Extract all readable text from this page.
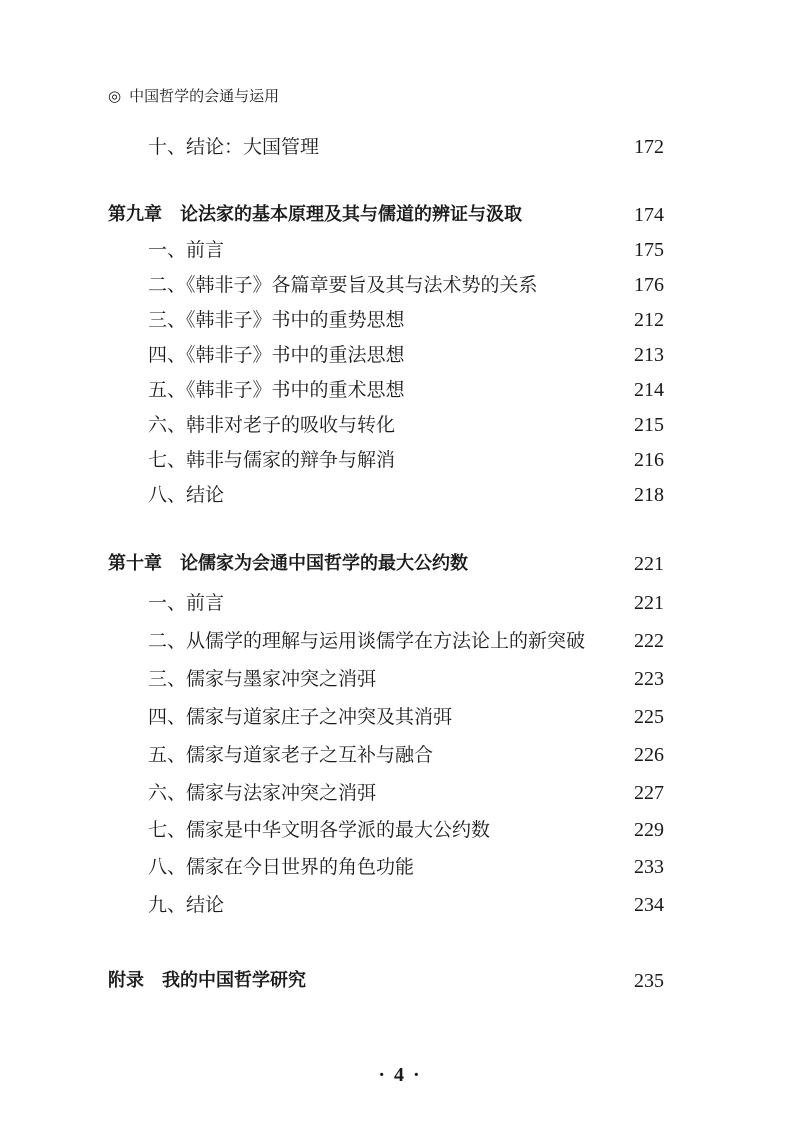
◎ 中国哲学的会通与运用
十、结论：大国管理	172
第九章 论法家的基本原理及其与儒道的辨证与汲取	174
一、前言	175
二、《韩非子》各篇章要旨及其与法术势的关系	176
三、《韩非子》书中的重势思想	212
四、《韩非子》书中的重法思想	213
五、《韩非子》书中的重术思想	214
六、韩非对老子的吸收与转化	215
七、韩非与儒家的辩争与解消	216
八、结论	218
第十章 论儒家为会通中国哲学的最大公约数	221
一、前言	221
二、从儒学的理解与运用谈儒学在方法论上的新突破 222
三、儒家与墨家冲突之消弭	223
四、儒家与道家庄子之冲突及其消弭	225
五、儒家与道家老子之互补与融合	226
六、儒家与法家冲突之消弭	227
七、儒家是中华文明各学派的最大公约数	229
八、儒家在今日世界的角色功能	233
九、结论	234
附录 我的中国哲学研究	235
· 4 ·
